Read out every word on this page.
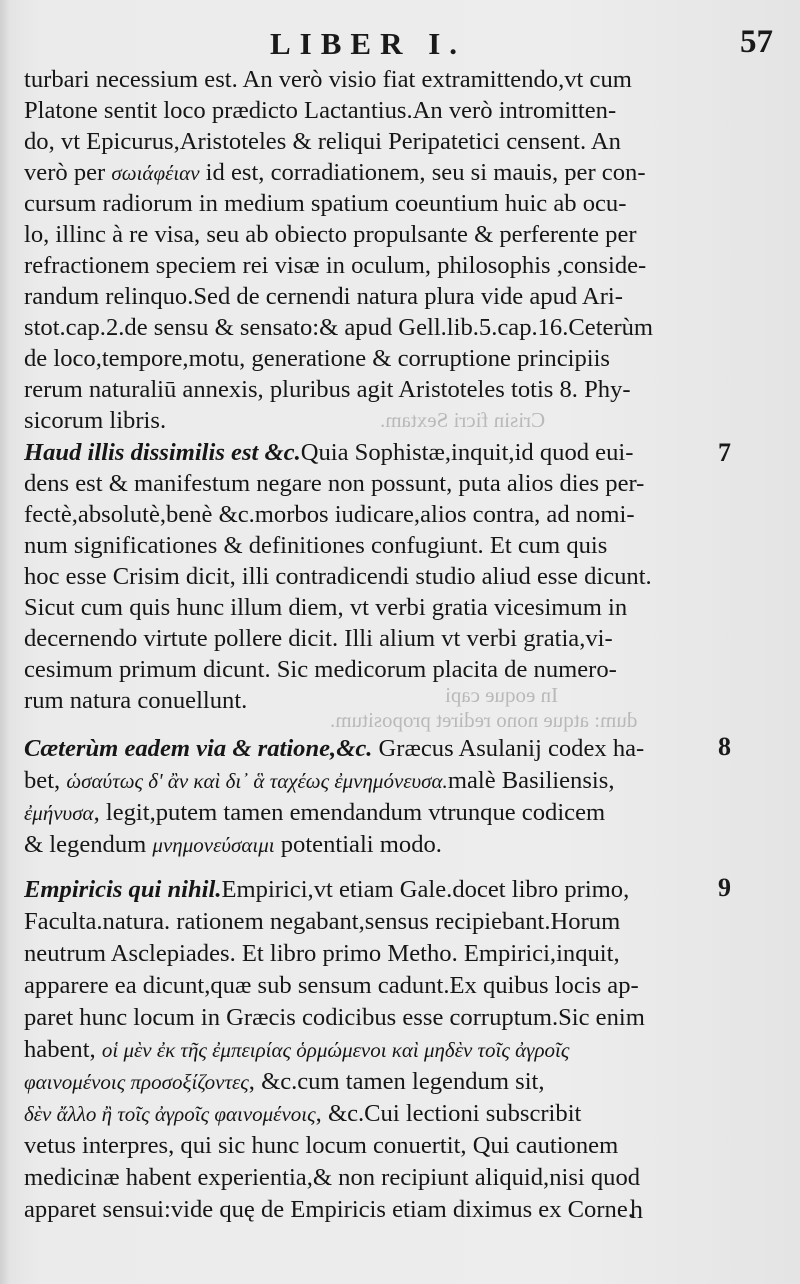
LIBER I.	57
Crisin ficri Sextam.
In eoque capi
dum: atque nono rediret propositum.
turbari necessium est. An verò visio fiat extramittendo,vt cum
Platone sentit loco prædicto Lactantius.An verò intromitten-
do, vt Epicurus,Aristoteles & reliqui Peripatetici censent. An
verò per σωιάφέιαν id est, corradiationem, seu si mauis, per con-
cursum radiorum in medium spatium coeuntium huic ab ocu-
lo, illinc à re visa, seu ab obiecto propulsante & perferente per
refractionem speciem rei visæ in oculum, philosophis ,conside-
randum relinquo.Sed de cernendi natura plura vide apud Ari-
stot.cap.2.de sensu & sensato:& apud Gell.lib.5.cap.16.Ceterùm
de loco,tempore,motu, generatione & corruptione principiis
rerum naturaliū annexis, pluribus agit Aristoteles totis 8. Phy-
sicorum libris.
Haud illis dissimilis est &c.Quia Sophistæ,inquit,id quod eui-
dens est & manifestum negare non possunt, puta alios dies per-
fectè,absolutè,benè &c.morbos iudicare,alios contra, ad nomi-
num significationes & definitiones confugiunt. Et cum quis
hoc esse Crisim dicit, illi contradicendi studio aliud esse dicunt.
Sicut cum quis hunc illum diem, vt verbi gratia vicesimum in
decernendo virtute pollere dicit. Illi alium vt verbi gratia,vi-
cesimum primum dicunt. Sic medicorum placita de numero-
rum natura conuellunt.
Cæterùm eadem via & ratione,&c. Græcus Asulanij codex ha-
bet, ὡσαύτως δ' ἂν καὶ δι᾽ ἃ ταχέως ἐμνημόνευσα.malè Basiliensis,
ἐμήνυσα, legit,putem tamen emendandum vtrunque codicem
& legendum μνημονεύσαιμι potentiali modo.
Empiricis qui nihil.Empirici,vt etiam Gale.docet libro primo,
Faculta.natura. rationem negabant,sensus recipiebant.Horum
neutrum Asclepiades. Et libro primo Metho. Empirici,inquit,
apparere ea dicunt,quæ sub sensum cadunt.Ex quibus locis ap-
paret hunc locum in Græcis codicibus esse corruptum.Sic enim
habent, οἱ μὲν ἐκ τῆς ἐμπειρίας ὁρμώμενοι καὶ μηδὲν τοῖς ἀγροῖς
φαινομένοις προσοξίζοντες, &c.cum tamen legendum sit,
δὲν ἄλλο ἢ τοῖς ἀγροῖς φαινομένοις, &c.Cui lectioni subscribit
vetus interpres, qui sic hunc locum conuertit, Qui cautionem
medicinæ habent experientia,& non recipiunt aliquid,nisi quod
apparet sensui:vide quę de Empiricis etiam diximus ex Corne.
7
8
9
h
